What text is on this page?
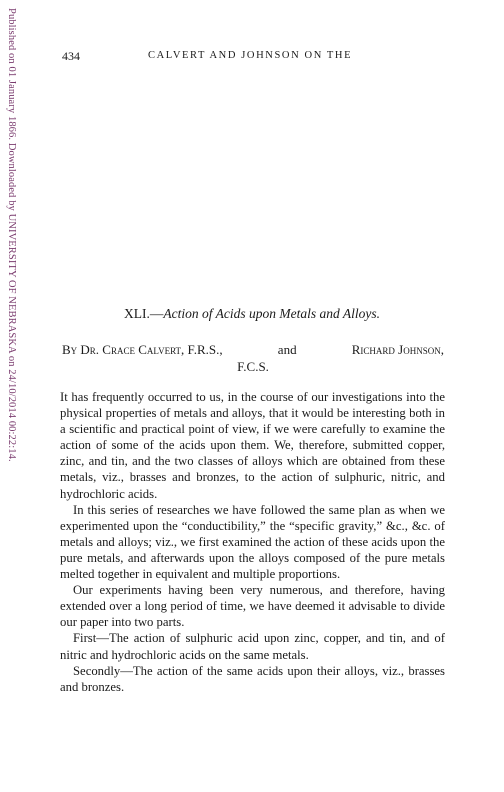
Published on 01 January 1866. Downloaded by UNIVERSITY OF NEBRASKA on 24/10/2014 00:22:14.	434	CALVERT AND JOHNSON ON THE
XLI.—Action of Acids upon Metals and Alloys.
By Dr. Crace Calvert, F.R.S.,	and	Richard Johnson,
F.C.S.

It has frequently occurred to us, in the course of our investigations into the physical properties of metals and alloys, that it would be interesting both in a scientific and practical point of view, if we were carefully to examine the action of some of the acids upon them. We, therefore, submitted copper, zinc, and tin, and the two classes of alloys which are obtained from these metals, viz., brasses and bronzes, to the action of sulphuric, nitric, and hydrochloric acids.

In this series of researches we have followed the same plan as when we experimented upon the “conductibility,” the “specific gravity,” &c., &c. of metals and alloys; viz., we first examined the action of these acids upon the pure metals, and afterwards upon the alloys composed of the pure metals melted together in equivalent and multiple proportions.

Our experiments having been very numerous, and therefore, having extended over a long period of time, we have deemed it advisable to divide our paper into two parts.

First—The action of sulphuric acid upon zinc, copper, and tin, and of nitric and hydrochloric acids on the same metals.

Secondly—The action of the same acids upon their alloys, viz., brasses and bronzes.
